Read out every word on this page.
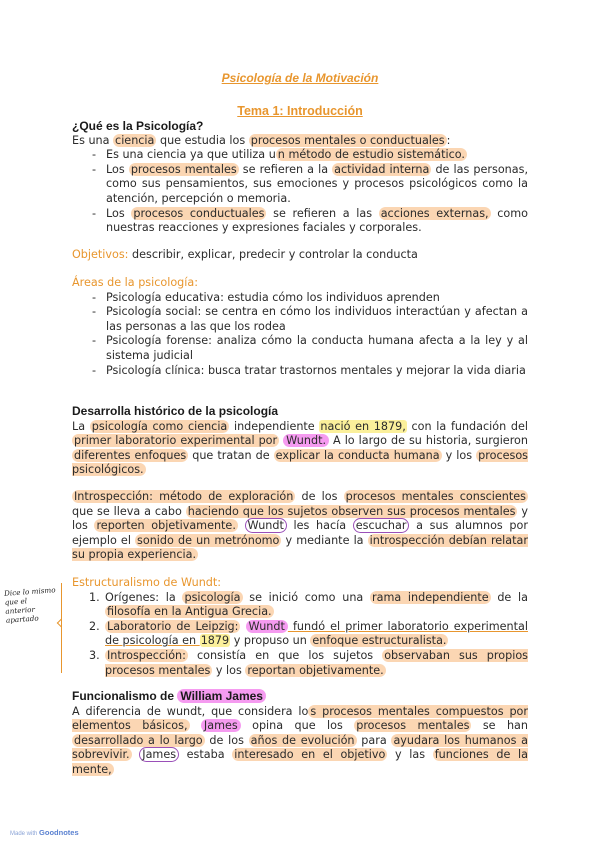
Psicología de la Motivación
Tema 1: Introducción
¿Qué es la Psicología?
Es una ciencia que estudia los procesos mentales o conductuales :
- Es una ciencia ya que utiliza u n método de estudio sistemático.
- Los procesos mentales se refieren a la actividad interna de las personas, como sus pensamientos, sus emociones y procesos psicológicos como la atención, percepción o memoria.
- Los procesos conductuales se refieren a las acciones externas, como nuestras reacciones y expresiones faciales y corporales.
Objetivos: describir, explicar, predecir y controlar la conducta
Áreas de la psicología:
- Psicología educativa: estudia cómo los individuos aprenden
- Psicología social: se centra en cómo los individuos interactúan y afectan a las personas a las que los rodea
- Psicología forense: analiza cómo la conducta humana afecta a la ley y al sistema judicial
- Psicología clínica: busca tratar trastornos mentales y mejorar la vida diaria
Desarrolla histórico de la psicología
La psicología como ciencia independiente nació en 1879, con la fundación del primer laboratorio experimental por Wundt. A lo largo de su historia, surgieron diferentes enfoques que tratan de explicar la conducta humana y los procesos psicológicos.
Introspección: método de exploración de los procesos mentales conscientes que se lleva a cabo haciendo que los sujetos observen sus procesos mentales y los reporten objetivamente. Wundt les hacía escuchar a sus alumnos por ejemplo el sonido de un metrónomo y mediante la introspección debían relatar su propia experiencia.
Dice lo mismo que el anterior apartado
Estructuralismo de Wundt:
1. Orígenes: la psicología se inició como una rama independiente de la filosofía en la Antigua Grecia.
2. Laboratorio de Leipzig: Wundt fundó el primer laboratorio experimental de psicología en 1879 y propuso un enfoque estructuralista.
3. Introspección: consistía en que los sujetos observaban sus propios procesos mentales y los reportan objetivamente.
Funcionalismo de William James
A diferencia de wundt, que considera lo s procesos mentales compuestos por elementos básicos, James opina que los procesos mentales se han desarrollado a lo largo de los años de evolución para ayudara los humanos a sobrevivir. James estaba interesado en el objetivo y las funciones de la mente,
Made with Goodnotes
